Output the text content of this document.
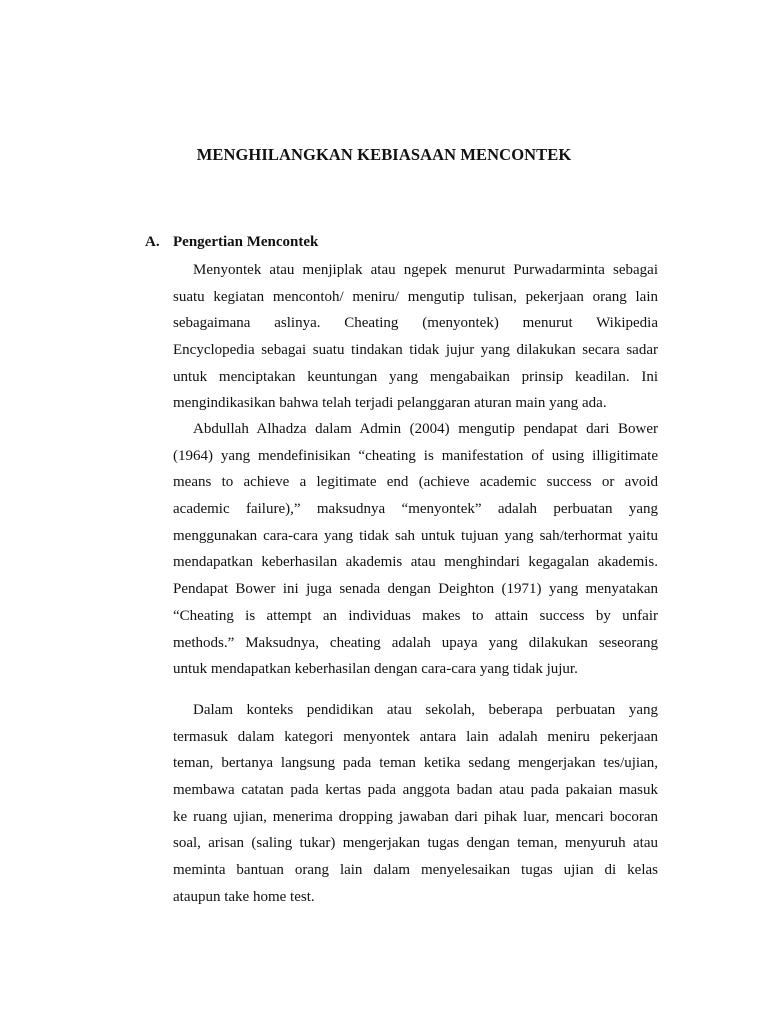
MENGHILANGKAN KEBIASAAN MENCONTEK
A. Pengertian Mencontek
Menyontek atau menjiplak atau ngepek menurut Purwadarminta sebagai
suatu kegiatan mencontoh/ meniru/ mengutip tulisan, pekerjaan orang lain
sebagaimana aslinya. Cheating (menyontek) menurut Wikipedia
Encyclopedia sebagai suatu tindakan tidak jujur yang dilakukan secara sadar
untuk menciptakan keuntungan yang mengabaikan prinsip keadilan. Ini
mengindikasikan bahwa telah terjadi pelanggaran aturan main yang ada.
Abdullah Alhadza dalam Admin (2004) mengutip pendapat dari Bower
(1964) yang mendefinisikan “cheating is manifestation of using illigitimate
means to achieve a legitimate end (achieve academic success or avoid
academic failure),” maksudnya “menyontek” adalah perbuatan yang
menggunakan cara-cara yang tidak sah untuk tujuan yang sah/terhormat yaitu
mendapatkan keberhasilan akademis atau menghindari kegagalan akademis.
Pendapat Bower ini juga senada dengan Deighton (1971) yang menyatakan
“Cheating is attempt an individuas makes to attain success by unfair
methods.” Maksudnya, cheating adalah upaya yang dilakukan seseorang
untuk mendapatkan keberhasilan dengan cara-cara yang tidak jujur.
Dalam konteks pendidikan atau sekolah, beberapa perbuatan yang
termasuk dalam kategori menyontek antara lain adalah meniru pekerjaan
teman, bertanya langsung pada teman ketika sedang mengerjakan tes/ujian,
membawa catatan pada kertas pada anggota badan atau pada pakaian masuk
ke ruang ujian, menerima dropping jawaban dari pihak luar, mencari bocoran
soal, arisan (saling tukar) mengerjakan tugas dengan teman, menyuruh atau
meminta bantuan orang lain dalam menyelesaikan tugas ujian di kelas
ataupun take home test.
